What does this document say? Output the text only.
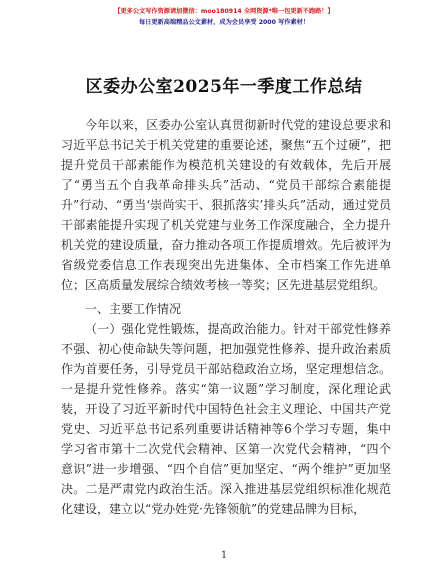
【更多公文写作资源请加微信：moo180914 全网资源*唯一包更新不跑路！】
每日更新高端精品公文素材，成为会员享受 2000 写作素材！
区委办公室2025年一季度工作总结

今年以来，区委办公室认真贯彻新时代党的建设总要求和习近平总书记关于机关党建的重要论述，聚焦“五个过硬”，把提升党员干部素能作为模范机关建设的有效载体，先后开展了“勇当五个自我革命排头兵”活动、“党员干部综合素能提升”行动、“勇当‘崇尚实干、狠抓落实’排头兵”活动，通过党员干部素能提升实现了机关党建与业务工作深度融合，全力提升机关党的建设质量，奋力推动各项工作提质增效。先后被评为省级党委信息工作表现突出先进集体、全市档案工作先进单位；区高质量发展综合绩效考核一等奖；区先进基层党组织。

一、主要工作情况

（一）强化党性锻炼，提高政治能力。针对干部党性修养不强、初心使命缺失等问题，把加强党性修养、提升政治素质作为首要任务，引导党员干部站稳政治立场，坚定理想信念。一是提升党性修养。落实“第一议题”学习制度，深化理论武装，开设了习近平新时代中国特色社会主义理论、中国共产党党史、习近平总书记系列重要讲话精神等6个学习专题，集中学习省市第十二次党代会精神、区第一次党代会精神，“四个意识”进一步增强、“四个自信”更加坚定、“两个维护”更加坚决。二是严肃党内政治生活。深入推进基层党组织标准化规范化建设，建立以“党办姓党·先锋领航”的党建品牌为目标，

1
